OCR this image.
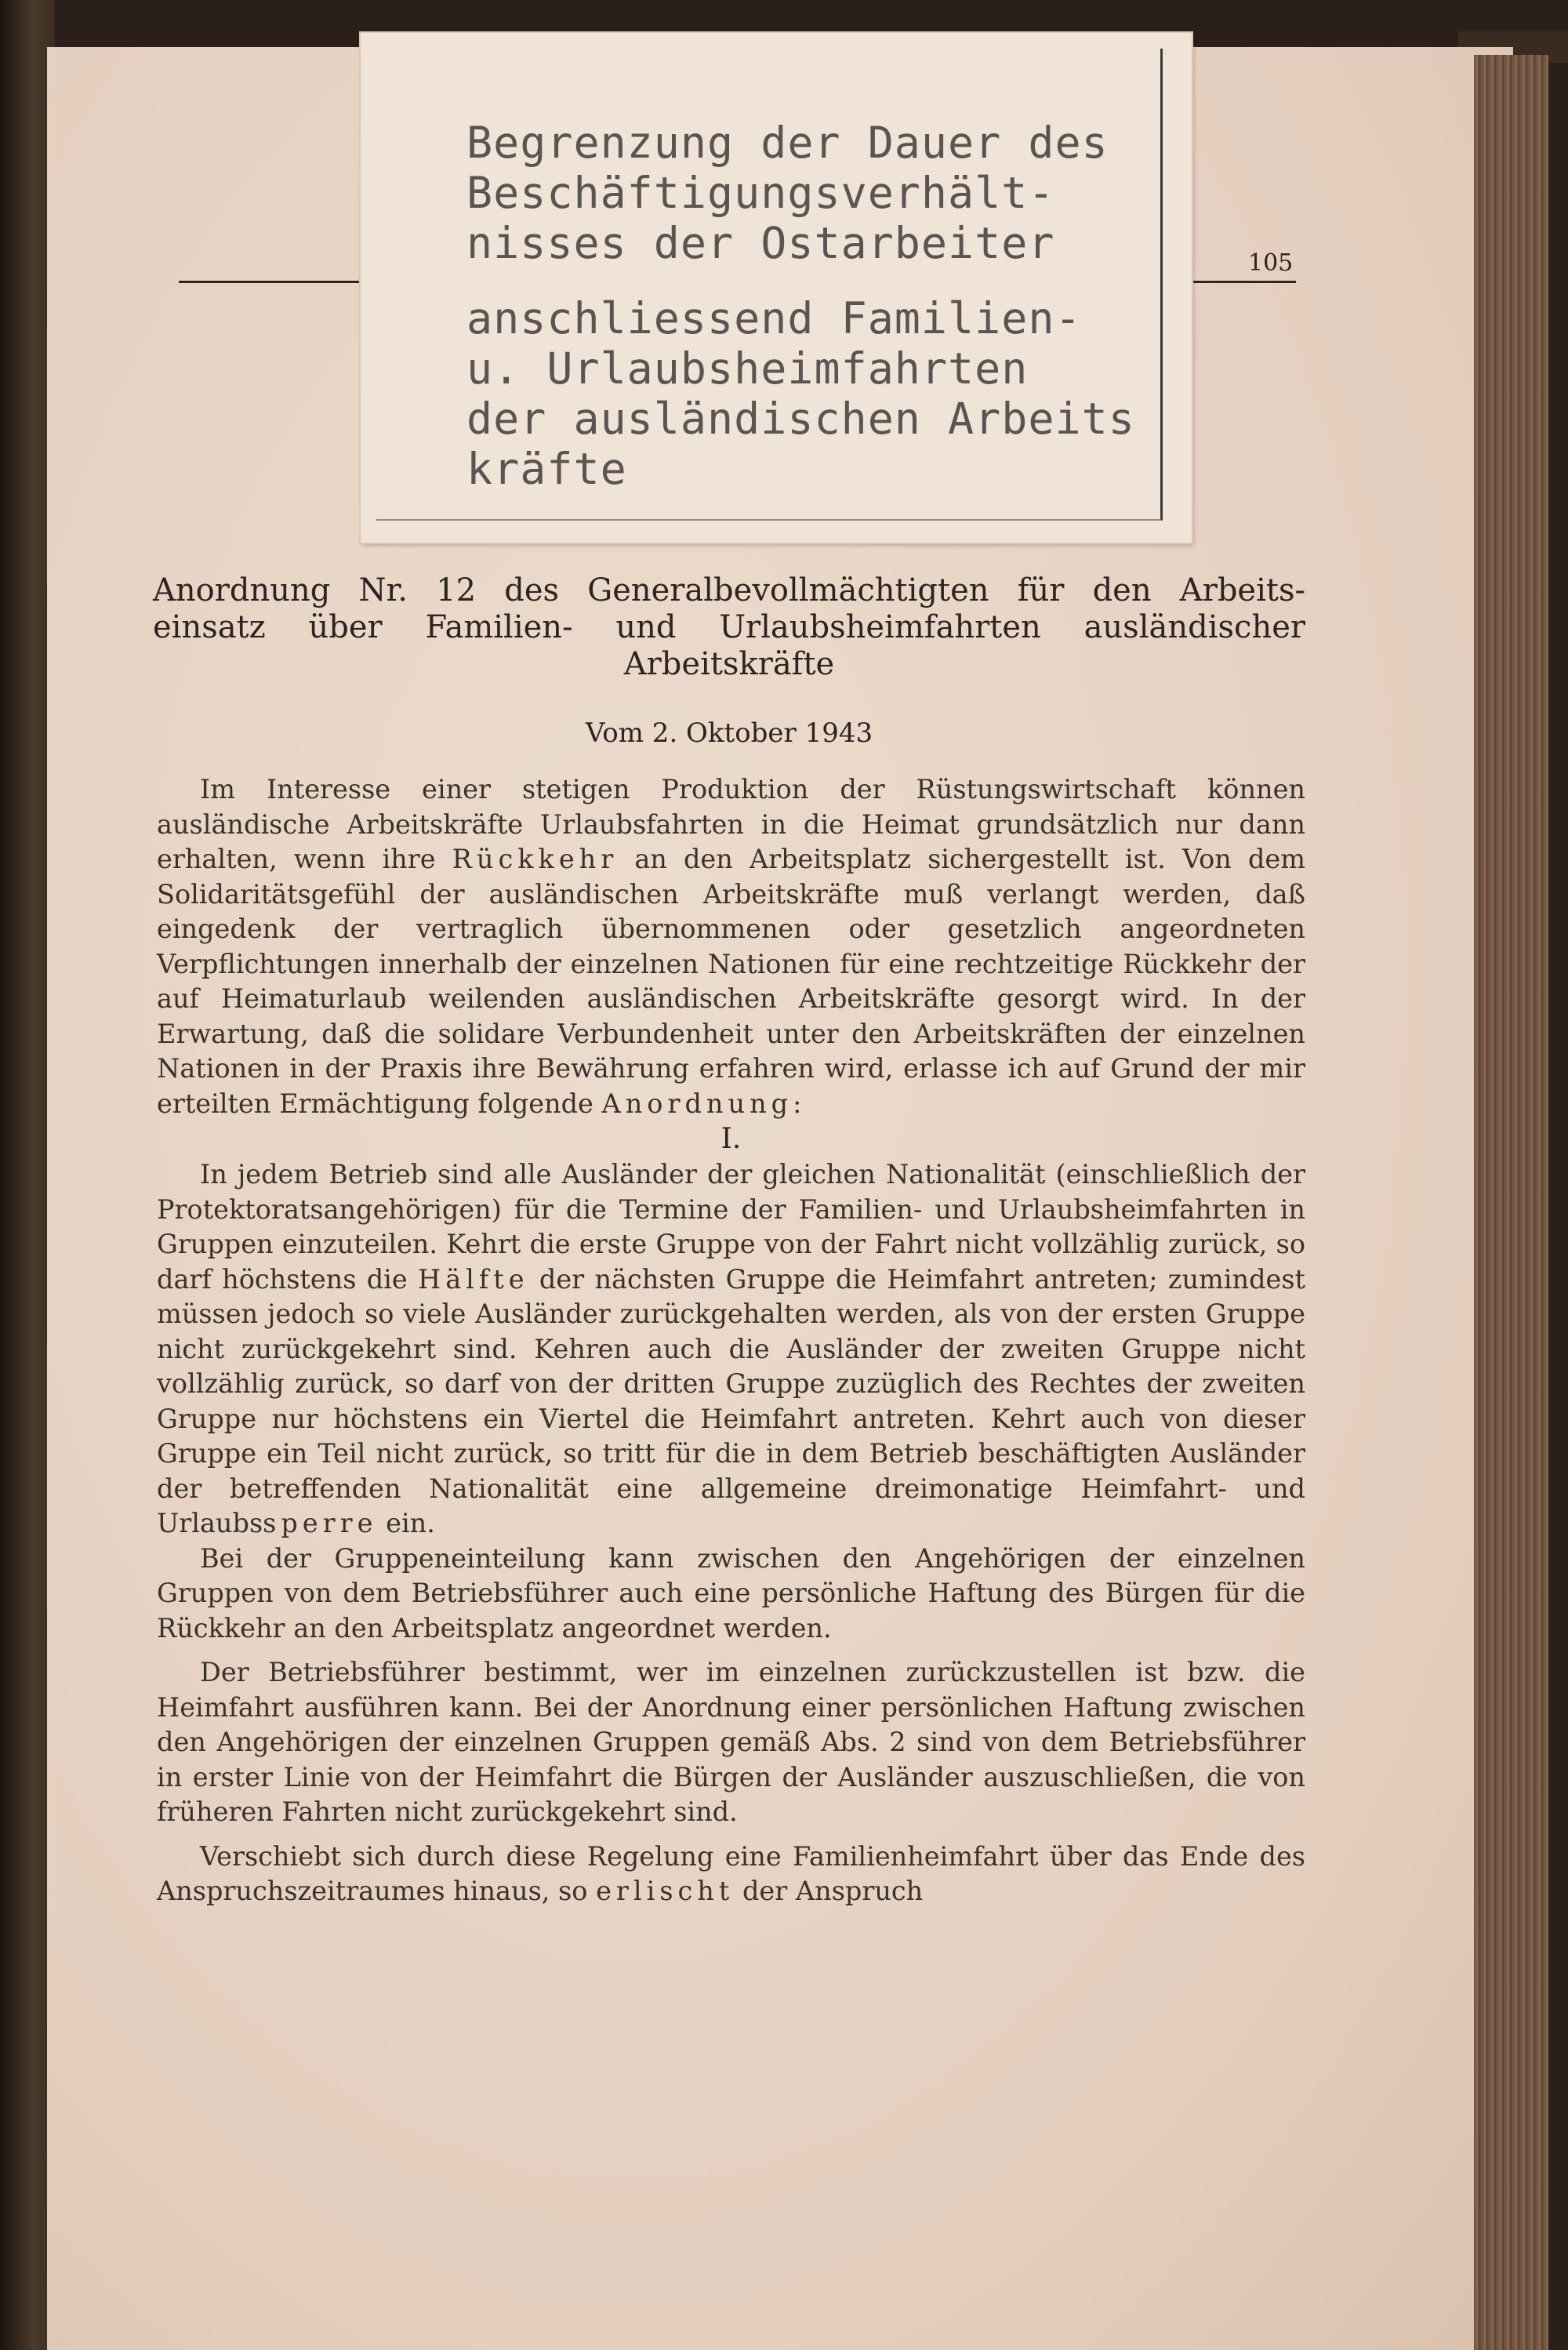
105
Begrenzung der Dauer des
Beschäftigungsverhält-
nisses der Ostarbeiter
anschliessend Familien-
u. Urlaubsheimfahrten
der ausländischen Arbeits
kräfte
Anordnung Nr. 12 des Generalbevollmächtigten für den Arbeits-
einsatz über Familien- und Urlaubsheimfahrten ausländischer
Arbeitskräfte
Vom 2. Oktober 1943

Im Interesse einer stetigen Produktion der Rüstungswirtschaft können ausländische Arbeitskräfte Urlaubsfahrten in die Heimat grundsätzlich nur dann erhalten, wenn ihre Rückkehr an den Arbeitsplatz sichergestellt ist. Von dem Solidaritätsgefühl der ausländischen Arbeitskräfte muß verlangt werden, daß eingedenk der vertraglich übernommenen oder gesetzlich angeordneten Verpflichtungen innerhalb der einzelnen Nationen für eine rechtzeitige Rückkehr der auf Heimaturlaub weilenden ausländischen Arbeitskräfte gesorgt wird. In der Erwartung, daß die solidare Verbundenheit unter den Arbeitskräften der einzelnen Nationen in der Praxis ihre Bewährung erfahren wird, erlasse ich auf Grund der mir erteilten Ermächtigung folgende Anordnung:

I.

In jedem Betrieb sind alle Ausländer der gleichen Nationalität (einschließlich der Protektoratsangehörigen) für die Termine der Familien- und Urlaubsheimfahrten in Gruppen einzuteilen. Kehrt die erste Gruppe von der Fahrt nicht vollzählig zurück, so darf höchstens die Hälfte der nächsten Gruppe die Heimfahrt antreten; zumindest müssen jedoch so viele Ausländer zurückgehalten werden, als von der ersten Gruppe nicht zurückgekehrt sind. Kehren auch die Ausländer der zweiten Gruppe nicht vollzählig zurück, so darf von der dritten Gruppe zuzüglich des Rechtes der zweiten Gruppe nur höchstens ein Viertel die Heimfahrt antreten. Kehrt auch von dieser Gruppe ein Teil nicht zurück, so tritt für die in dem Betrieb beschäftigten Ausländer der betreffenden Nationalität eine allgemeine dreimonatige Heimfahrt- und Urlaubssperre ein.

Bei der Gruppeneinteilung kann zwischen den Angehörigen der einzelnen Gruppen von dem Betriebsführer auch eine persönliche Haftung des Bürgen für die Rückkehr an den Arbeitsplatz angeordnet werden.

Der Betriebsführer bestimmt, wer im einzelnen zurückzustellen ist bzw. die Heimfahrt ausführen kann. Bei der Anordnung einer persönlichen Haftung zwischen den Angehörigen der einzelnen Gruppen gemäß Abs. 2 sind von dem Betriebsführer in erster Linie von der Heimfahrt die Bürgen der Ausländer auszuschließen, die von früheren Fahrten nicht zurückgekehrt sind.

Verschiebt sich durch diese Regelung eine Familienheimfahrt über das Ende des Anspruchszeitraumes hinaus, so erlischt der Anspruch
